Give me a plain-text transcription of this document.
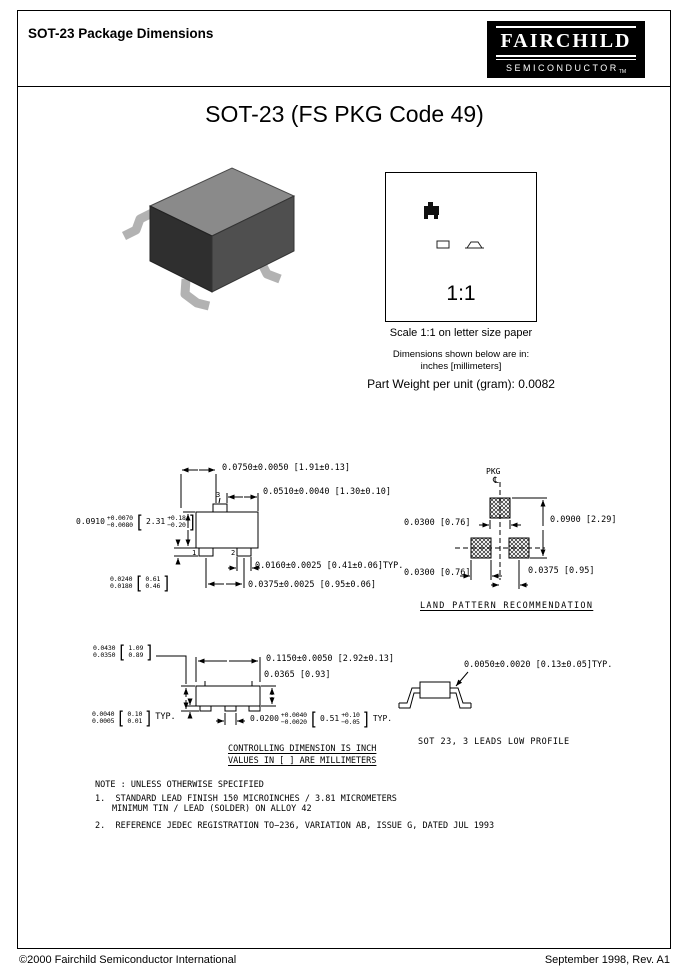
SOT-23 Package Dimensions	FAIRCHILD
$SEMICONDUCTOR_{TM}$
SOT-23 (FS PKG Code 49)
1:1
Scale 1:1 on letter size paper
Dimensions shown below are in:
inches [millimeters]
Part Weight per unit (gram): 0.0082
0.0750±0.0050 [1.91±0.13]
0.0510±0.0040 [1.30±0.10]
0.0910 +0.0070
−0.0080 [ 2.31 +0.18
−0.20 ]
3
1	2
0.0160±0.0025 [0.41±0.06]TYP.
0.0375±0.0025 [0.95±0.06]
0.0240
0.0180 [ 0.61
0.46 ]
PKG
℄
0.0300 [0.76]	0.0900 [2.29]
0.0300 [0.76]	0.0375 [0.95]
LAND PATTERN RECOMMENDATION
0.0430
0.0350 [ 1.09
0.89 ]	0.1150±0.0050 [2.92±0.13]
0.0365 [0.93]
0.0040
0.0005 [ 0.10
0.01 ] TYP.	0.0200 +0.0040
−0.0020 [ 0.51 +0.10
−0.05 ] TYP.
CONTROLLING DIMENSION IS INCH
VALUES IN [ ] ARE MILLIMETERS
0.0050±0.0020 [0.13±0.05]TYP.
SOT 23, 3 LEADS LOW PROFILE
NOTE : UNLESS OTHERWISE SPECIFIED
1.  STANDARD LEAD FINISH 150 MICROINCHES / 3.81 MICROMETERS
MINIMUM TIN / LEAD (SOLDER) ON ALLOY 42
2.  REFERENCE JEDEC REGISTRATION TO−236, VARIATION AB, ISSUE G, DATED JUL 1993
©2000 Fairchild Semiconductor International	September 1998, Rev. A1
